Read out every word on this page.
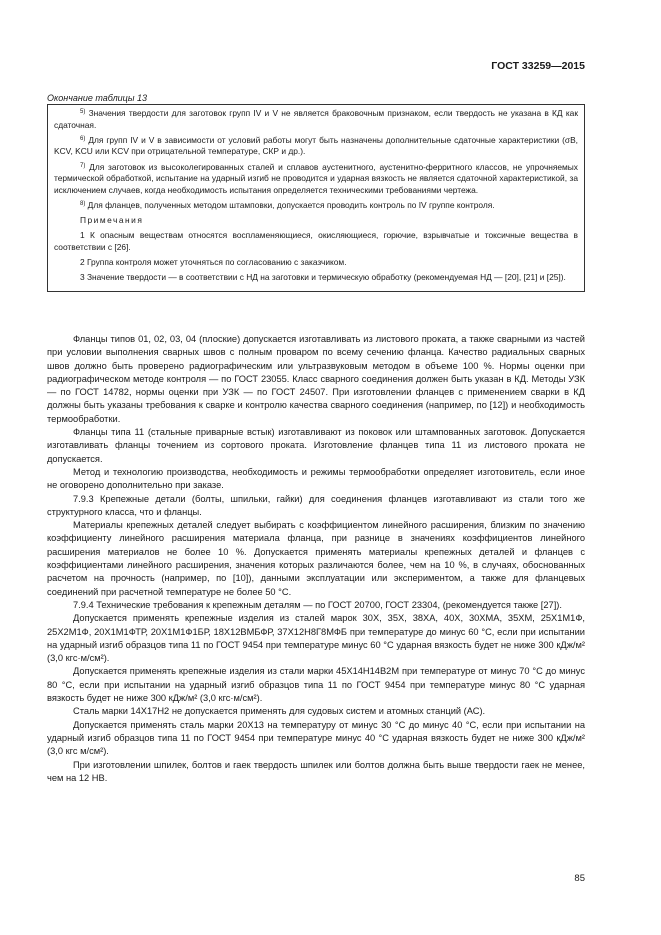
ГОСТ 33259—2015
Окончание таблицы 13

$^{5)}$ Значения твердости для заготовок групп IV и V не является браковочным признаком, если твердость не указана в КД как сдаточная.

$^{6)}$ Для групп IV и V в зависимости от условий работы могут быть назначены дополнительные сдаточные характеристики (σB, KCV, KCU или KCV при отрицательной температуре, СКР и др.).

$^{7)}$ Для заготовок из высоколегированных сталей и сплавов аустенитного, аустенитно-ферритного классов, не упрочняемых термической обработкой, испытание на ударный изгиб не проводится и ударная вязкость не является сдаточной характеристикой, за исключением случаев, когда необходимость испытания определяется техническими требованиями чертежа.

$^{8)}$ Для фланцев, полученных методом штамповки, допускается проводить контроль по IV группе контроля.

Примечания

1 К опасным веществам относятся воспламеняющиеся, окисляющиеся, горючие, взрывчатые и токсичные вещества в соответствии с [26].

2 Группа контроля может уточняться по согласованию с заказчиком.

3 Значение твердости — в соответствии с НД на заготовки и термическую обработку (рекомендуемая НД — [20], [21] и [25]).

Фланцы типов 01, 02, 03, 04 (плоские) допускается изготавливать из листового проката, а также сварными из частей при условии выполнения сварных швов с полным проваром по всему сечению фланца. Качество радиальных сварных швов должно быть проверено радиографическим или ультразвуковым методом в объеме 100 %. Нормы оценки при радиографическом методе контроля — по ГОСТ 23055. Класс сварного соединения должен быть указан в КД. Методы УЗК — по ГОСТ 14782, нормы оценки при УЗК — по ГОСТ 24507. При изготовлении фланцев с применением сварки в КД должны быть указаны требования к сварке и контролю качества сварного соединения (например, по [12]) и необходимость термообработки.

Фланцы типа 11 (стальные приварные встык) изготавливают из поковок или штампованных заготовок. Допускается изготавливать фланцы точением из сортового проката. Изготовление фланцев типа 11 из листового проката не допускается.

Метод и технологию производства, необходимость и режимы термообработки определяет изготовитель, если иное не оговорено дополнительно при заказе.

7.9.3 Крепежные детали (болты, шпильки, гайки) для соединения фланцев изготавливают из стали того же структурного класса, что и фланцы.

Материалы крепежных деталей следует выбирать с коэффициентом линейного расширения, близким по значению коэффициенту линейного расширения материала фланца, при разнице в значениях коэффициентов линейного расширения материалов не более 10 %. Допускается применять материалы крепежных деталей и фланцев с коэффициентами линейного расширения, значения которых различаются более, чем на 10 %, в случаях, обоснованных расчетом на прочность (например, по [10]), данными эксплуатации или экспериментом, а также для фланцевых соединений при расчетной температуре не более 50 °С.

7.9.4 Технические требования к крепежным деталям — по ГОСТ 20700, ГОСТ 23304, (рекомендуется также [27]).

Допускается применять крепежные изделия из сталей марок 30Х, 35Х, 38ХА, 40Х, 30ХМА, 35ХМ, 25Х1М1Ф, 25Х2М1Ф, 20Х1М1ФТР, 20Х1М1Ф1БР, 18Х12ВМБФР, 37Х12Н8Г8МФБ при температуре до минус 60 °С, если при испытании на ударный изгиб образцов типа 11 по ГОСТ 9454 при температуре минус 60 °С ударная вязкость будет не ниже 300 кДж/м² (3,0 кгс·м/см²).

Допускается применять крепежные изделия из стали марки 45Х14Н14В2М при температуре от минус 70 °С до минус 80 °С, если при испытании на ударный изгиб образцов типа 11 по ГОСТ 9454 при температуре минус 80 °С ударная вязкость будет не ниже 300 кДж/м² (3,0 кгс·м/см²).

Сталь марки 14Х17Н2 не допускается применять для судовых систем и атомных станций (АС).

Допускается применять сталь марки 20Х13 на температуру от минус 30 °С до минус 40 °С, если при испытании на ударный изгиб образцов типа 11 по ГОСТ 9454 при температуре минус 40 °С ударная вязкость будет не ниже 300 кДж/м² (3,0 кгс м/см²).

При изготовлении шпилек, болтов и гаек твердость шпилек или болтов должна быть выше твердости гаек не менее, чем на 12 НВ.

85
